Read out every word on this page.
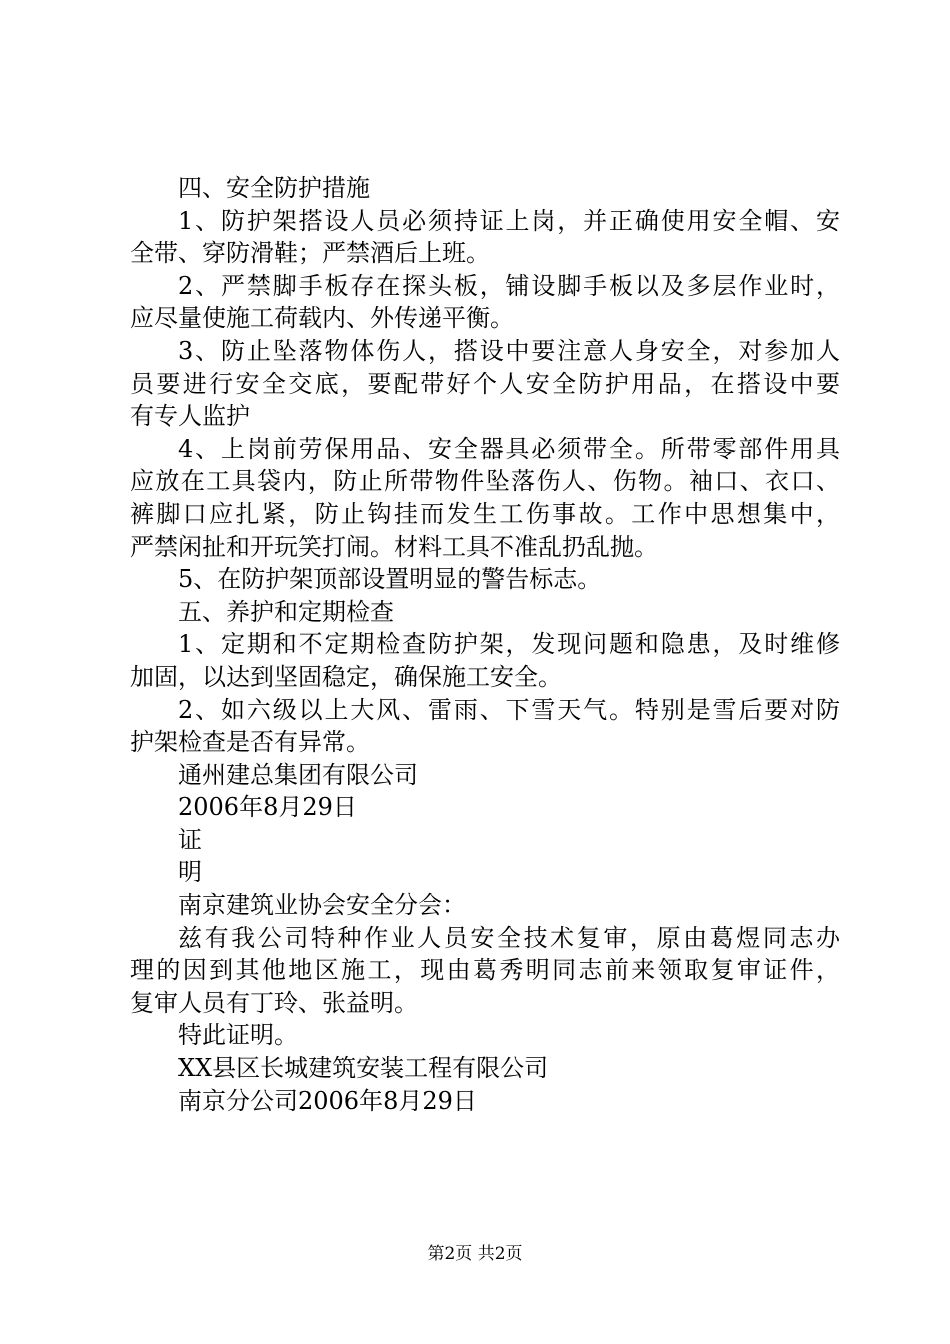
四、安全防护措施
1、防护架搭设人员必须持证上岗，并正确使用安全帽、安
全带、穿防滑鞋；严禁酒后上班。
2、严禁脚手板存在探头板，铺设脚手板以及多层作业时，
应尽量使施工荷载内、外传递平衡。
3、防止坠落物体伤人，搭设中要注意人身安全，对参加人
员要进行安全交底，要配带好个人安全防护用品，在搭设中要
有专人监护
4、上岗前劳保用品、安全器具必须带全。所带零部件用具
应放在工具袋内，防止所带物件坠落伤人、伤物。袖口、衣口、
裤脚口应扎紧，防止钩挂而发生工伤事故。工作中思想集中，
严禁闲扯和开玩笑打闹。材料工具不准乱扔乱抛。
5、在防护架顶部设置明显的警告标志。
五、养护和定期检查
1、定期和不定期检查防护架，发现问题和隐患，及时维修
加固，以达到坚固稳定，确保施工安全。
2、如六级以上大风、雷雨、下雪天气。特别是雪后要对防
护架检查是否有异常。
通州建总集团有限公司
2006年8月29日
证
明
南京建筑业协会安全分会：
兹有我公司特种作业人员安全技术复审，原由葛煜同志办
理的因到其他地区施工，现由葛秀明同志前来领取复审证件，
复审人员有丁玲、张益明。
特此证明。
XX县区长城建筑安装工程有限公司
南京分公司2006年8月29日
第2页 共2页
